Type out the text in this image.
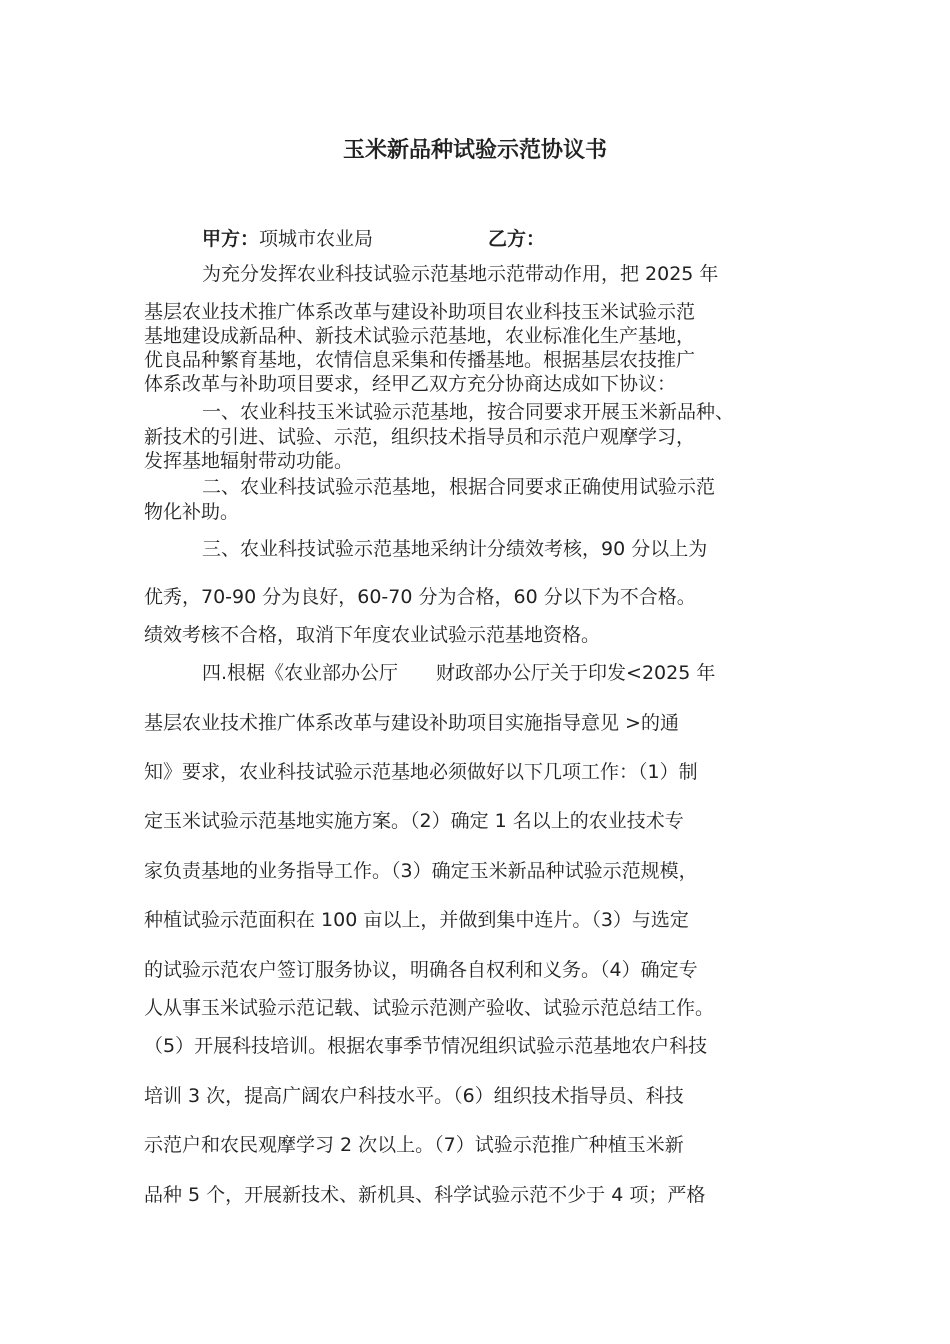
玉米新品种试验示范协议书
甲方：项城市农业局	乙方：
为充分发挥农业科技试验示范基地示范带动作用，把 2025 年
基层农业技术推广体系改革与建设补助项目农业科技玉米试验示范
基地建设成新品种、新技术试验示范基地，农业标准化生产基地，
优良品种繁育基地，农情信息采集和传播基地。根据基层农技推广
体系改革与补助项目要求，经甲乙双方充分协商达成如下协议：
一、农业科技玉米试验示范基地，按合同要求开展玉米新品种、
新技术的引进、试验、示范，组织技术指导员和示范户观摩学习，
发挥基地辐射带动功能。
二、农业科技试验示范基地，根据合同要求正确使用试验示范
物化补助。
三、农业科技试验示范基地采纳计分绩效考核，90 分以上为
优秀，70-90 分为良好，60-70 分为合格，60 分以下为不合格。
绩效考核不合格，取消下年度农业试验示范基地资格。
四.根椐《农业部办公厅　　财政部办公厅关于印发<2025 年
基层农业技术推广体系改革与建设补助项目实施指导意见 >的通
知》要求，农业科技试验示范基地必须做好以下几项工作：（1）制
定玉米试验示范基地实施方案。（2）确定 1 名以上的农业技术专
家负责基地的业务指导工作。（3）确定玉米新品种试验示范规模，
种植试验示范面积在 100 亩以上，并做到集中连片。（3）与选定
的试验示范农户签订服务协议，明确各自权利和义务。（4）确定专
人从事玉米试验示范记载、试验示范测产验收、试验示范总结工作。
（5）开展科技培训。根据农事季节情况组织试验示范基地农户科技
培训 3 次，提高广阔农户科技水平。（6）组织技术指导员、科技
示范户和农民观摩学习 2 次以上。（7）试验示范推广种植玉米新
品种 5 个，开展新技术、新机具、科学试验示范不少于 4 项；严格
